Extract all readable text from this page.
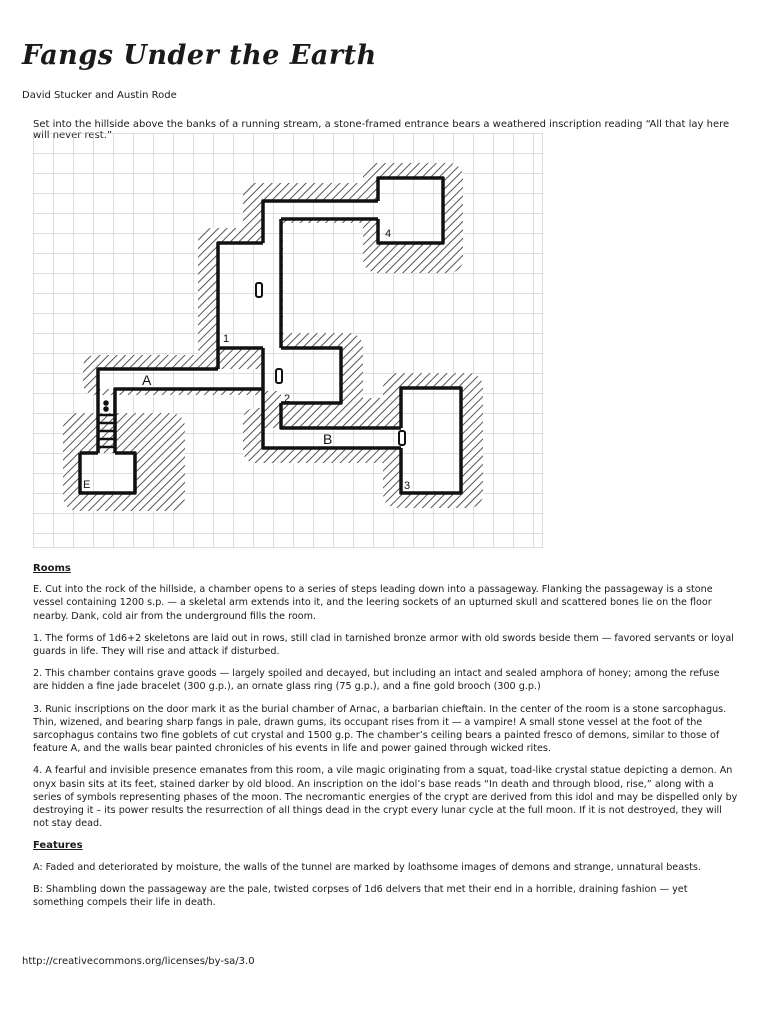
Fangs Under the Earth
David Stucker and Austin Rode
Set into the hillside above the banks of a running stream, a stone-framed entrance bears a weathered inscription reading “All that lay here
E
1
2
3
4
A
B
Rooms

E. Cut into the rock of the hillside, a chamber opens to a series of steps leading down into a passageway. Flanking the passageway is a stone vessel containing 1200 s.p. — a skeletal arm extends into it, and the leering sockets of an upturned skull and scattered bones lie on the floor nearby. Dank, cold air from the underground fills the room.

1. The forms of 1d6+2 skeletons are laid out in rows, still clad in tarnished bronze armor with old swords beside them — favored servants or loyal guards in life. They will rise and attack if disturbed.

2. This chamber contains grave goods — largely spoiled and decayed, but including an intact and sealed amphora of honey; among the refuse are hidden a fine jade bracelet (300 g.p.), an ornate glass ring (75 g.p.), and a fine gold brooch (300 g.p.)

3. Runic inscriptions on the door mark it as the burial chamber of Arnac, a barbarian chieftain. In the center of the room is a stone sarcophagus. Thin, wizened, and bearing sharp fangs in pale, drawn gums, its occupant rises from it — a vampire! A small stone vessel at the foot of the sarcophagus contains two fine goblets of cut crystal and 1500 g.p. The chamber’s ceiling bears a painted fresco of demons, similar to those of feature A, and the walls bear painted chronicles of his events in life and power gained through wicked rites.

4. A fearful and invisible presence emanates from this room, a vile magic originating from a squat, toad-like crystal statue depicting a demon. An onyx basin sits at its feet, stained darker by old blood. An inscription on the idol’s base reads “In death and through blood, rise,” along with a series of symbols representing phases of the moon. The necromantic energies of the crypt are derived from this idol and may be dispelled only by destroying it – its power results the resurrection of all things dead in the crypt every lunar cycle at the full moon. If it is not destroyed, they will not stay dead.

Features

A: Faded and deteriorated by moisture, the walls of the tunnel are marked by loathsome images of demons and strange, unnatural beasts.

B: Shambling down the passageway are the pale, twisted corpses of 1d6 delvers that met their end in a horrible, draining fashion — yet something compels their life in death.

http://creativecommons.org/licenses/by-sa/3.0
